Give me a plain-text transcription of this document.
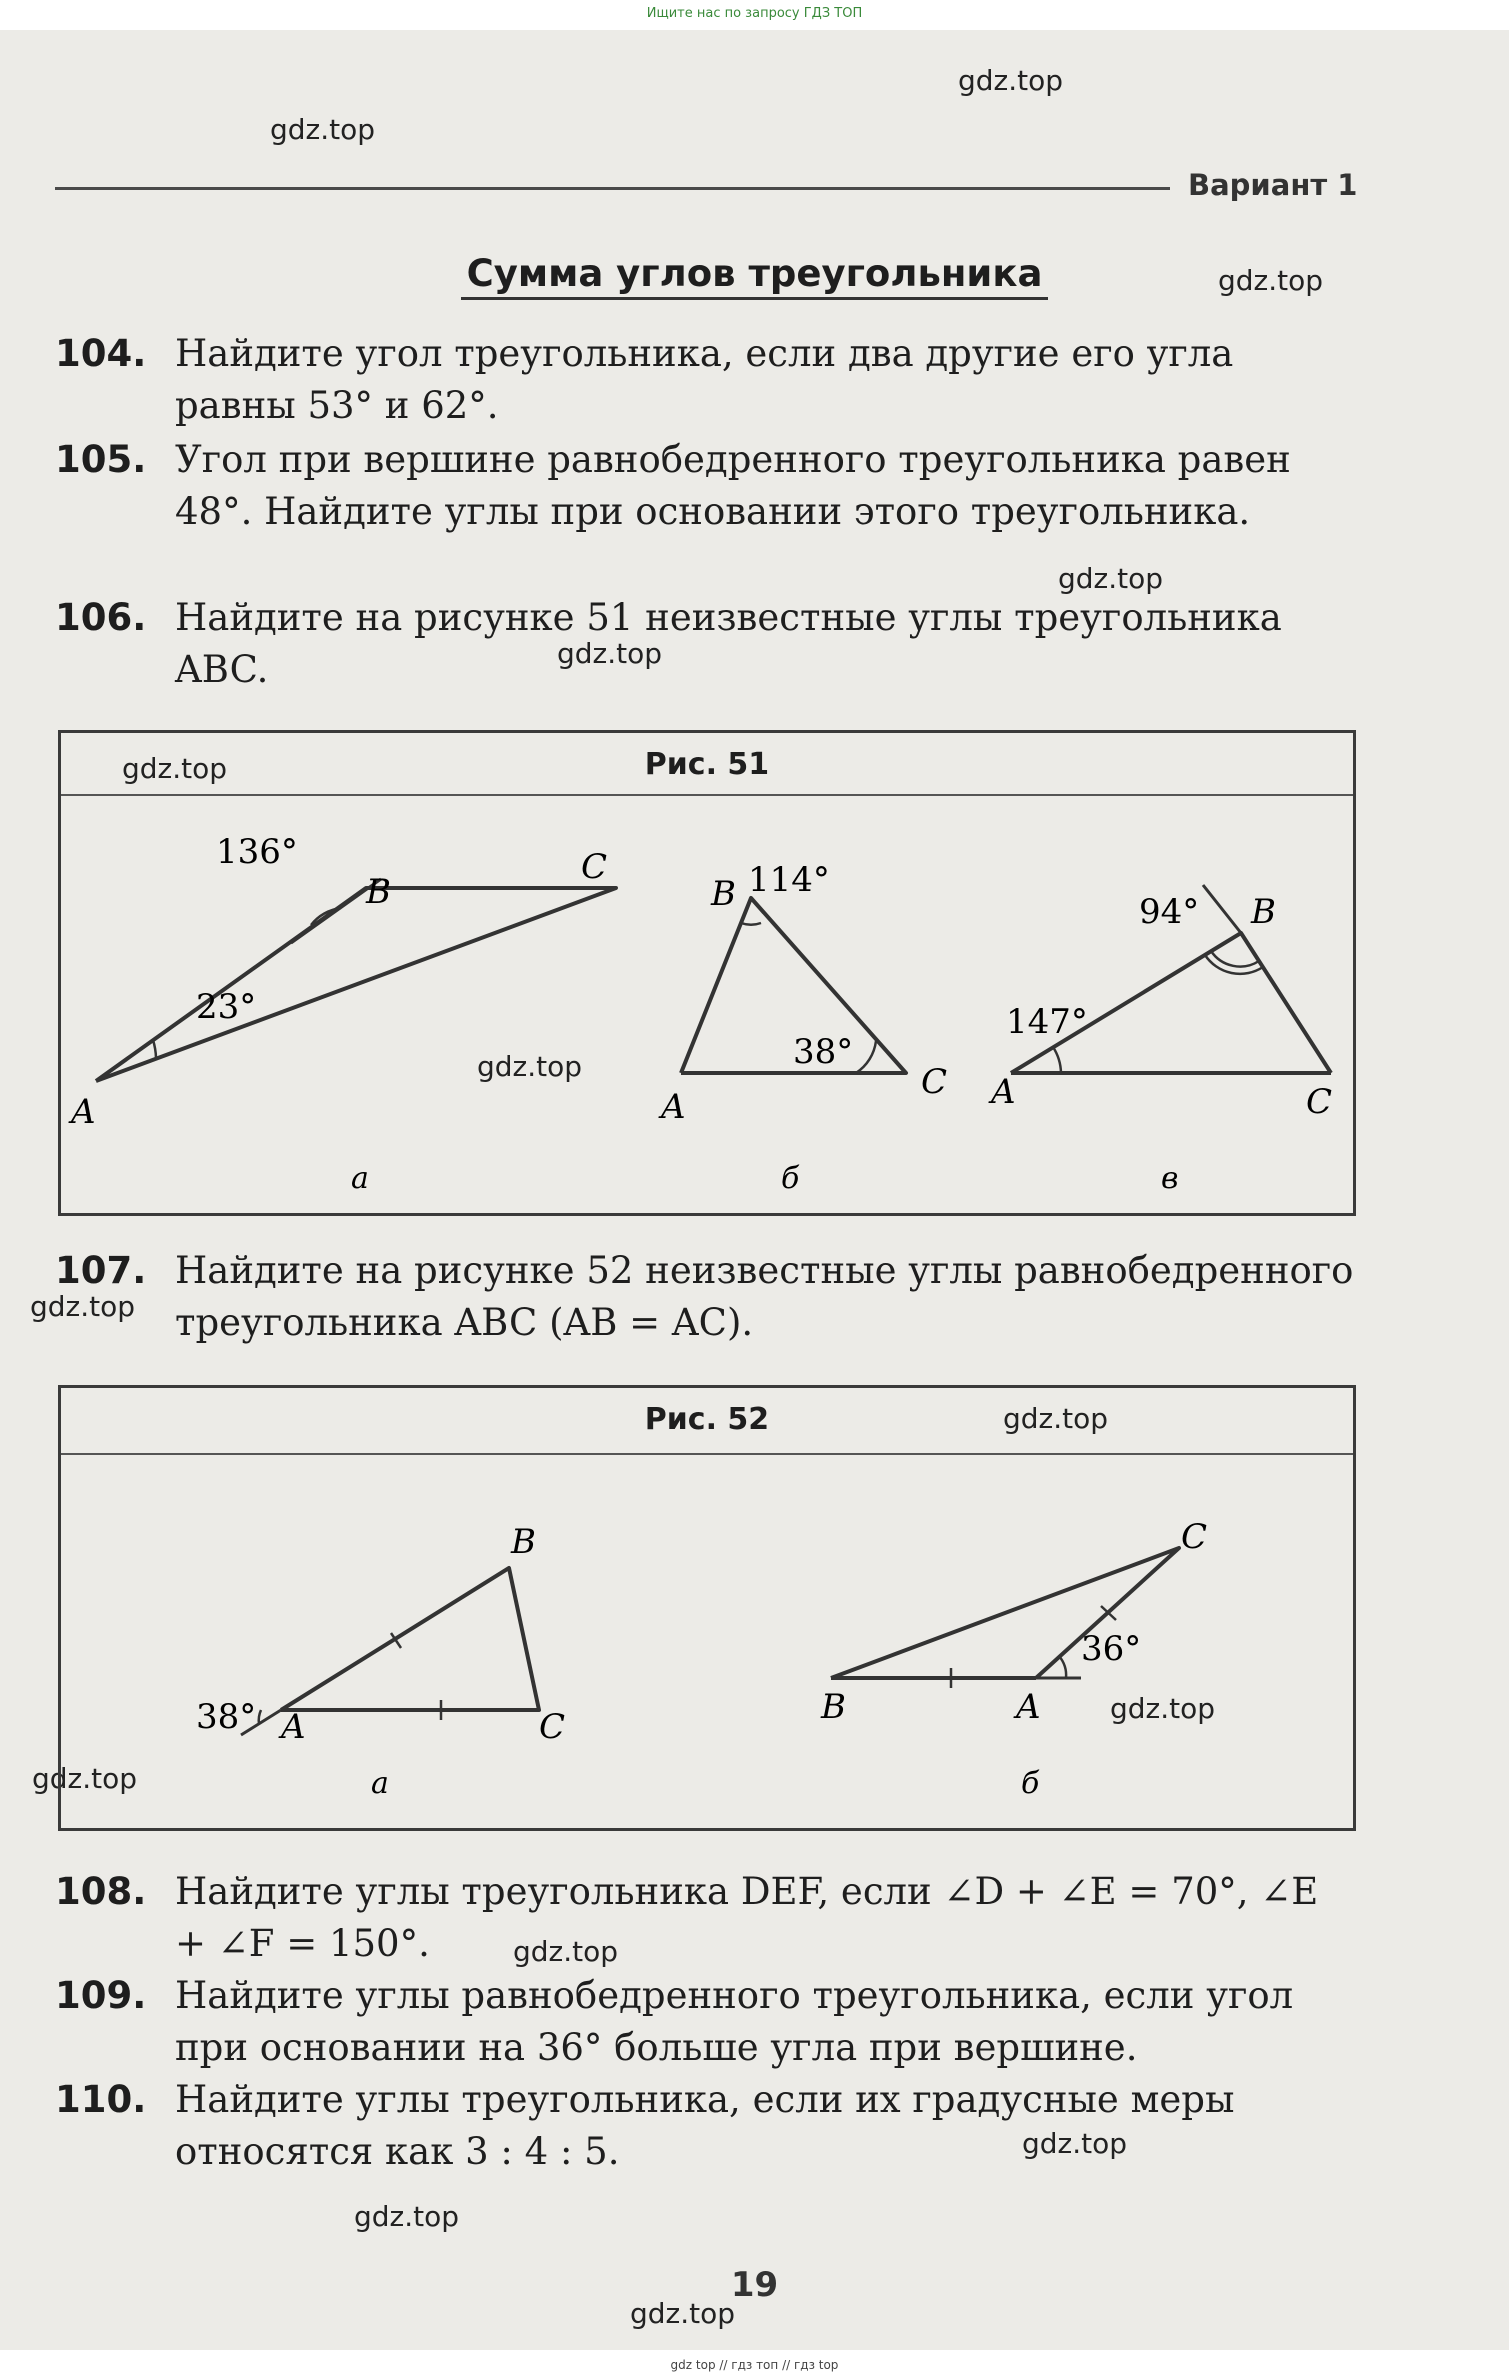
Ищите нас по запросу ГДЗ ТОП
gdz.top
gdz.top
gdz.top
gdz.top
gdz.top
gdz.top
gdz.top
gdz.top
gdz.top
gdz.top
gdz.top
gdz.top
gdz.top
gdz.top
gdz.top
Вариант 1
Сумма углов треугольника
104. Найдите угол треугольника, если два другие его угла равны 53° и 62°.
105. Угол при вершине равнобедренного треугольника равен 48°. Найдите углы при основании этого треугольника.
106. Найдите на рисунке 51 неизвестные углы треугольника ABC.
Рис. 51
136°
B
C
23°
A
а
B 114°
38°
A
C
б
94° B
147°
A	C
в
107. Найдите на рисунке 52 неизвестные углы равнобедренного треугольника ABC (AB = AC).
Рис. 52
B
38° A	C
а
C
36°
B	A
б
108. Найдите углы треугольника DEF, если ∠D + ∠E = 70°, ∠E + ∠F = 150°.
109. Найдите углы равнобедренного треугольника, если угол при основании на 36° больше угла при вершине.
110. Найдите углы треугольника, если их градусные меры относятся как 3 : 4 : 5.
19
gdz top // гдз топ // гдз top
